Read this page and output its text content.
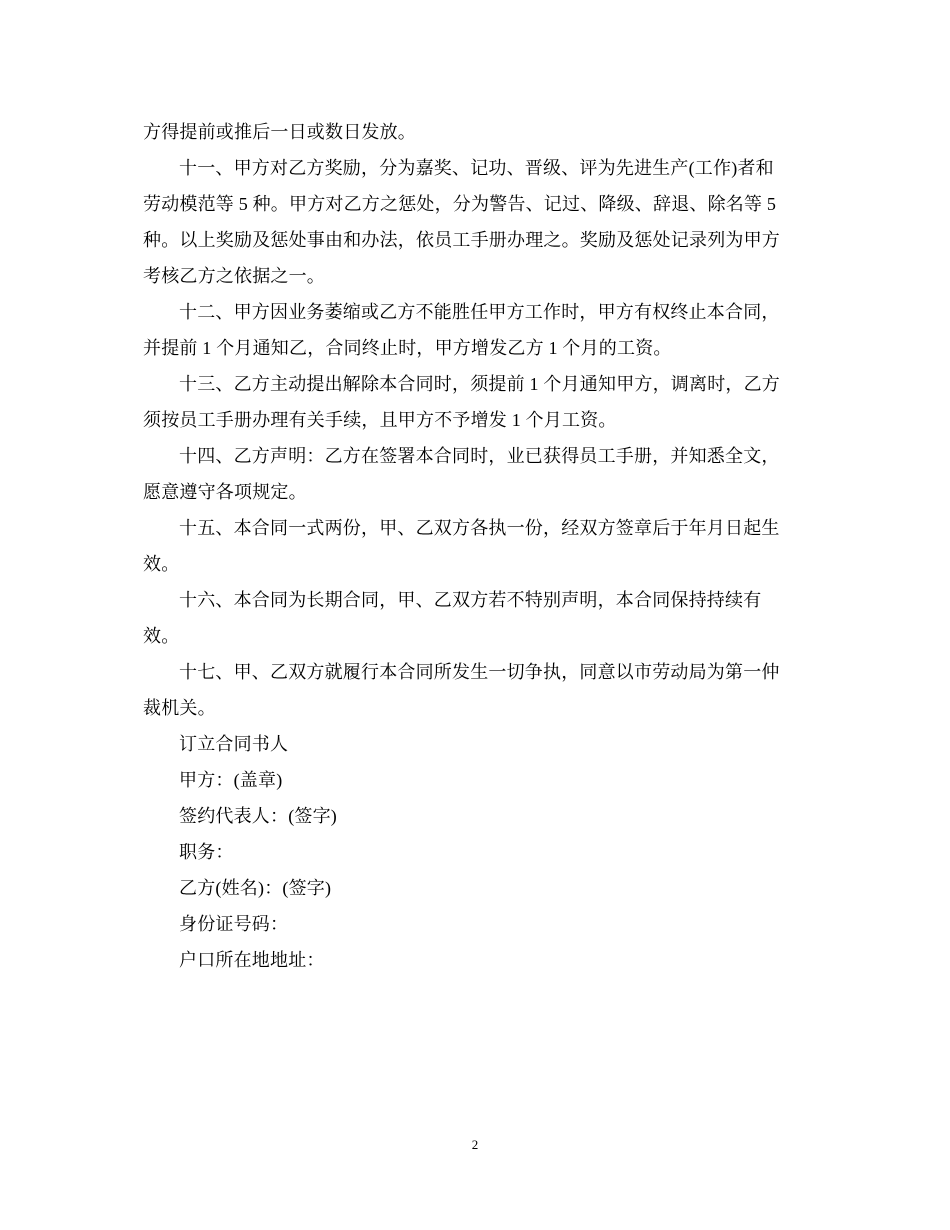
方得提前或推后一日或数日发放。
十一、甲方对乙方奖励，分为嘉奖、记功、晋级、评为先进生产(工作)者和
劳动模范等 5 种。甲方对乙方之惩处，分为警告、记过、降级、辞退、除名等 5
种。以上奖励及惩处事由和办法，依员工手册办理之。奖励及惩处记录列为甲方
考核乙方之依据之一。
十二、甲方因业务萎缩或乙方不能胜任甲方工作时，甲方有权终止本合同，
并提前 1 个月通知乙，合同终止时，甲方增发乙方 1 个月的工资。
十三、乙方主动提出解除本合同时，须提前 1 个月通知甲方，调离时，乙方
须按员工手册办理有关手续，且甲方不予增发 1 个月工资。
十四、乙方声明：乙方在签署本合同时，业已获得员工手册，并知悉全文，
愿意遵守各项规定。
十五、本合同一式两份，甲、乙双方各执一份，经双方签章后于年月日起生
效。
十六、本合同为长期合同，甲、乙双方若不特别声明，本合同保持持续有
效。
十七、甲、乙双方就履行本合同所发生一切争执，同意以市劳动局为第一仲
裁机关。
订立合同书人
甲方：(盖章)
签约代表人：(签字)
职务：
乙方(姓名)：(签字)
身份证号码：
户口所在地地址：
2
